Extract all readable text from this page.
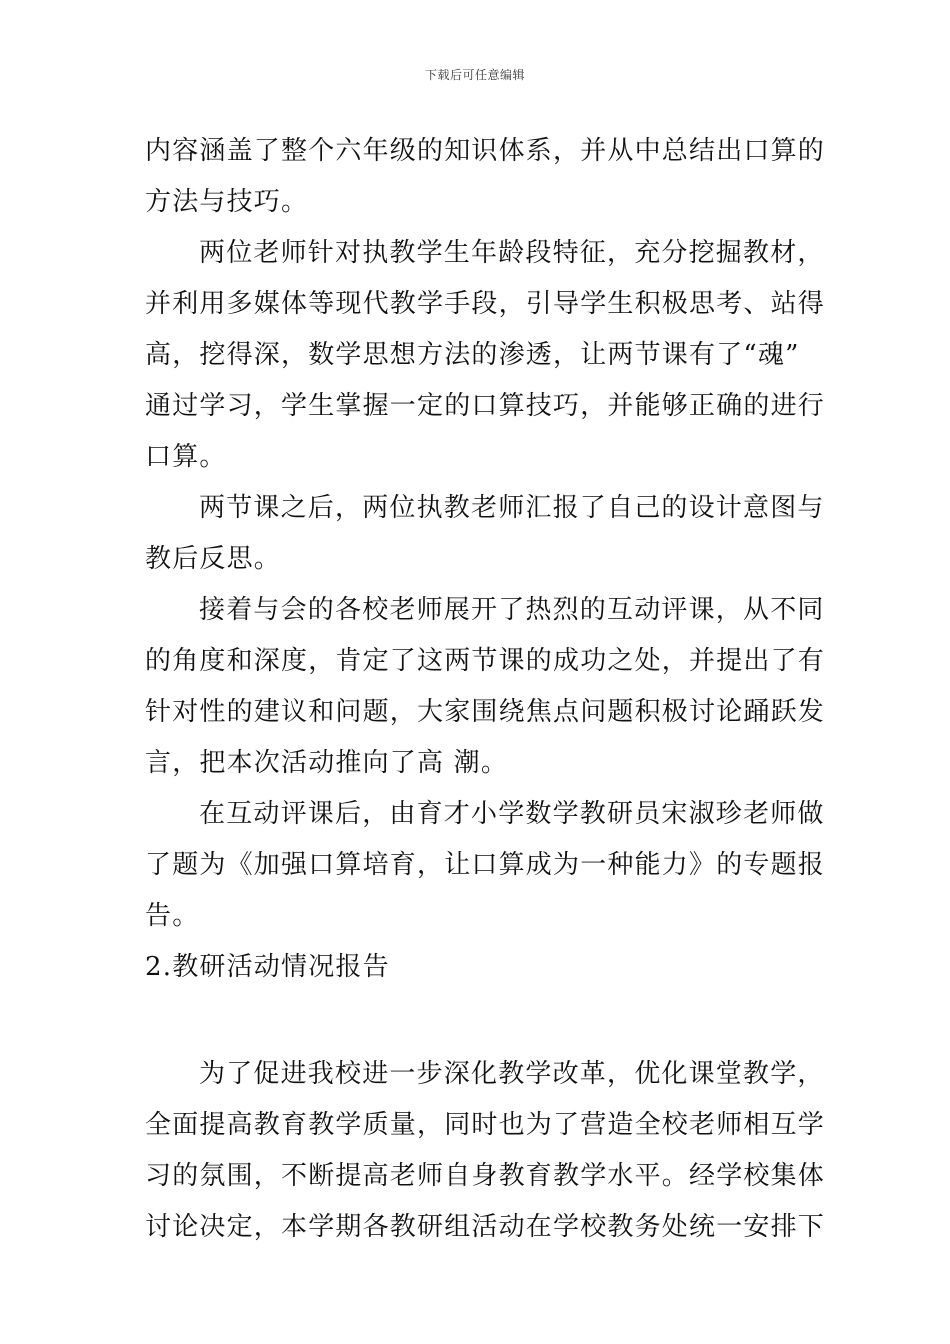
下载后可任意编辑
内容涵盖了整个六年级的知识体系，并从中总结出口算的
方法与技巧。
两位老师针对执教学生年龄段特征，充分挖掘教材，
并利用多媒体等现代教学手段，引导学生积极思考、站得
高，挖得深，数学思想方法的渗透，让两节课有了“魂”
通过学习，学生掌握一定的口算技巧，并能够正确的进行
口算。
两节课之后，两位执教老师汇报了自己的设计意图与
教后反思。
接着与会的各校老师展开了热烈的互动评课，从不同
的角度和深度，肯定了这两节课的成功之处，并提出了有
针对性的建议和问题，大家围绕焦点问题积极讨论踊跃发
言，把本次活动推向了高 潮。
在互动评课后，由育才小学数学教研员宋淑珍老师做
了题为《加强口算培育，让口算成为一种能力》的专题报
告。
2.教研活动情况报告
为了促进我校进一步深化教学改革，优化课堂教学，
全面提高教育教学质量，同时也为了营造全校老师相互学
习的氛围，不断提高老师自身教育教学水平。经学校集体
讨论决定，本学期各教研组活动在学校教务处统一安排下
